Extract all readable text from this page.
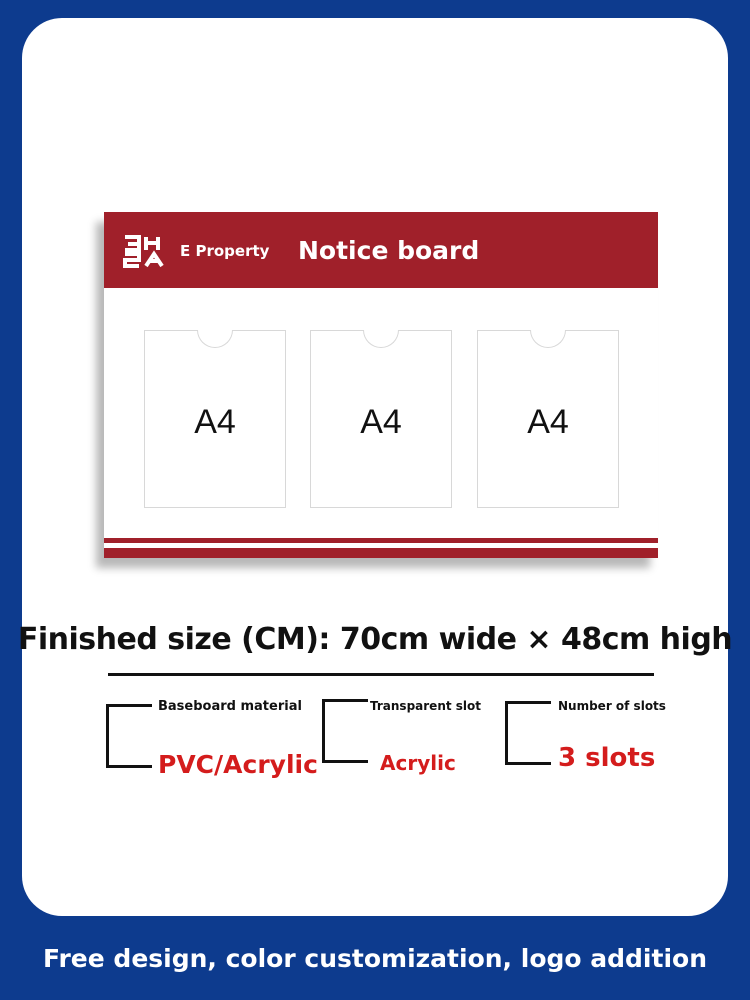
E Property Notice board
A4	A4	A4
Finished size (CM): 70cm wide × 48cm high
Baseboard material
PVC/Acrylic
Transparent slot
Acrylic
Number of slots
3 slots
Free design, color customization, logo addition
